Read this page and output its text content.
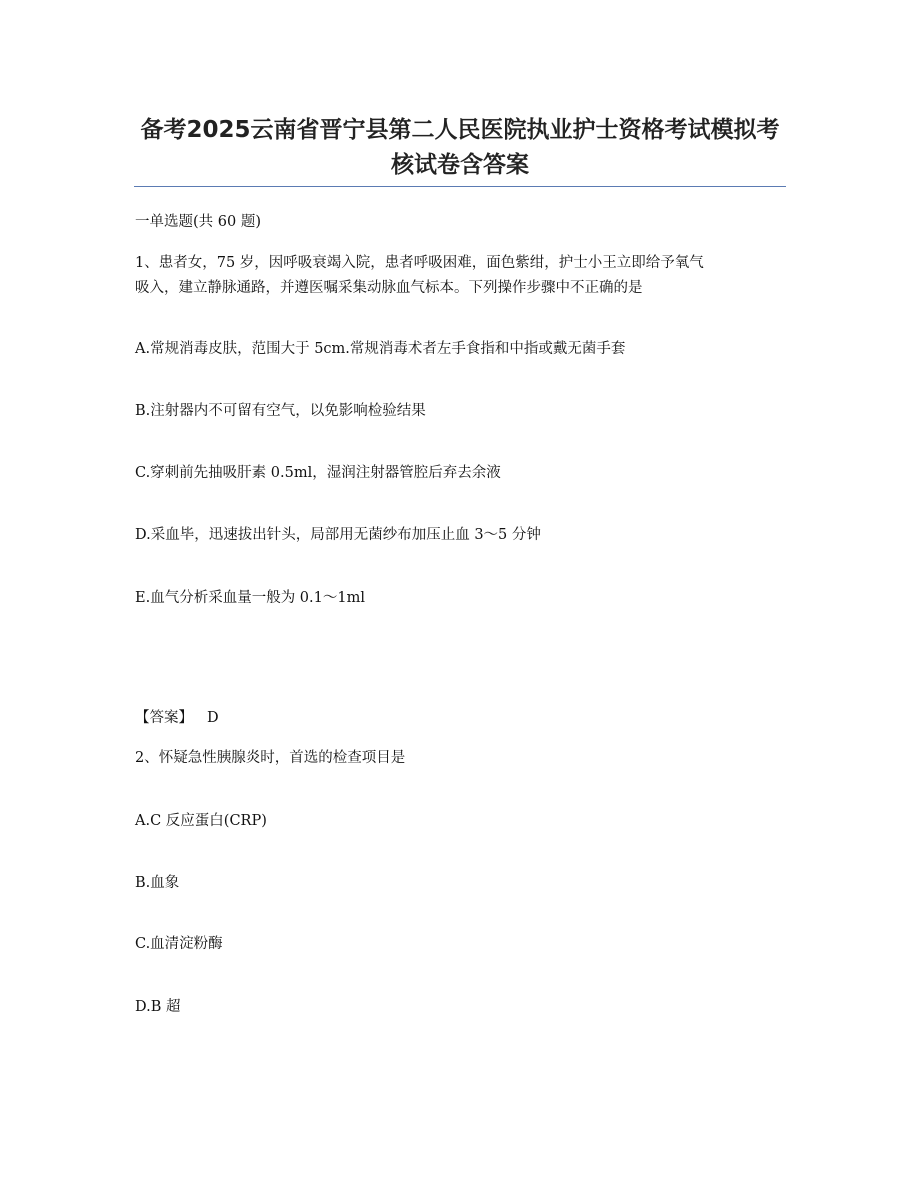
备考2025云南省晋宁县第二人民医院执业护士资格考试模拟考核试卷含答案

一单选题(共 60 题)

1、患者女，75 岁，因呼吸衰竭入院，患者呼吸困难，面色紫绀，护士小王立即给予氧气

吸入，建立静脉通路，并遵医嘱采集动脉血气标本。下列操作步骤中不正确的是

A.常规消毒皮肤，范围大于 5cm.常规消毒术者左手食指和中指或戴无菌手套

B.注射器内不可留有空气，以免影响检验结果

C.穿刺前先抽吸肝素 0.5ml，湿润注射器管腔后弃去余液

D.采血毕，迅速拔出针头，局部用无菌纱布加压止血 3～5 分钟

E.血气分析采血量一般为 0.1～1ml

【答案】 D

2、怀疑急性胰腺炎时，首选的检查项目是

A.C 反应蛋白(CRP)

B.血象

C.血清淀粉酶

D.B 超
